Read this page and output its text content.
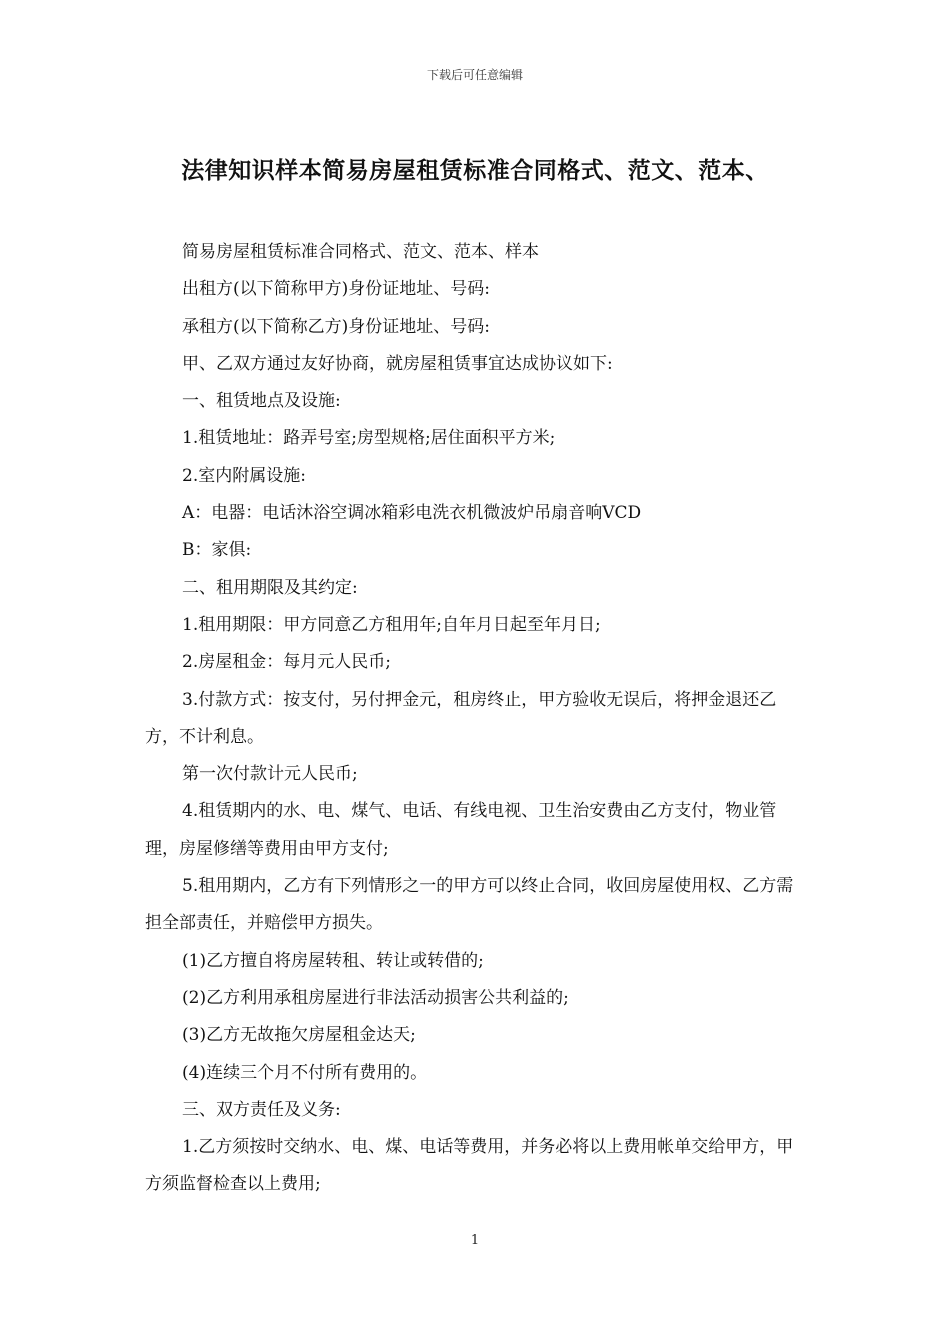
下载后可任意编辑
法律知识样本简易房屋租赁标准合同格式、范文、范本、

简易房屋租赁标准合同格式、范文、范本、样本

出租方(以下简称甲方)身份证地址、号码:

承租方(以下简称乙方)身份证地址、号码:

甲、乙双方通过友好协商，就房屋租赁事宜达成协议如下:

一、租赁地点及设施:

1.租赁地址：路弄号室;房型规格;居住面积平方米;

2.室内附属设施:

A：电器：电话沐浴空调冰箱彩电洗衣机微波炉吊扇音响VCD

B：家俱:

二、租用期限及其约定:

1.租用期限：甲方同意乙方租用年;自年月日起至年月日;

2.房屋租金：每月元人民币;

3.付款方式：按支付，另付押金元，租房终止，甲方验收无误后，将押金退还乙方，不计利息。

第一次付款计元人民币;

4.租赁期内的水、电、煤气、电话、有线电视、卫生治安费由乙方支付，物业管理，房屋修缮等费用由甲方支付;

5.租用期内，乙方有下列情形之一的甲方可以终止合同，收回房屋使用权、乙方需担全部责任，并赔偿甲方损失。

(1)乙方擅自将房屋转租、转让或转借的;

(2)乙方利用承租房屋进行非法活动损害公共利益的;

(3)乙方无故拖欠房屋租金达天;

(4)连续三个月不付所有费用的。

三、双方责任及义务:

1.乙方须按时交纳水、电、煤、电话等费用，并务必将以上费用帐单交给甲方，甲方须监督检查以上费用;

1
